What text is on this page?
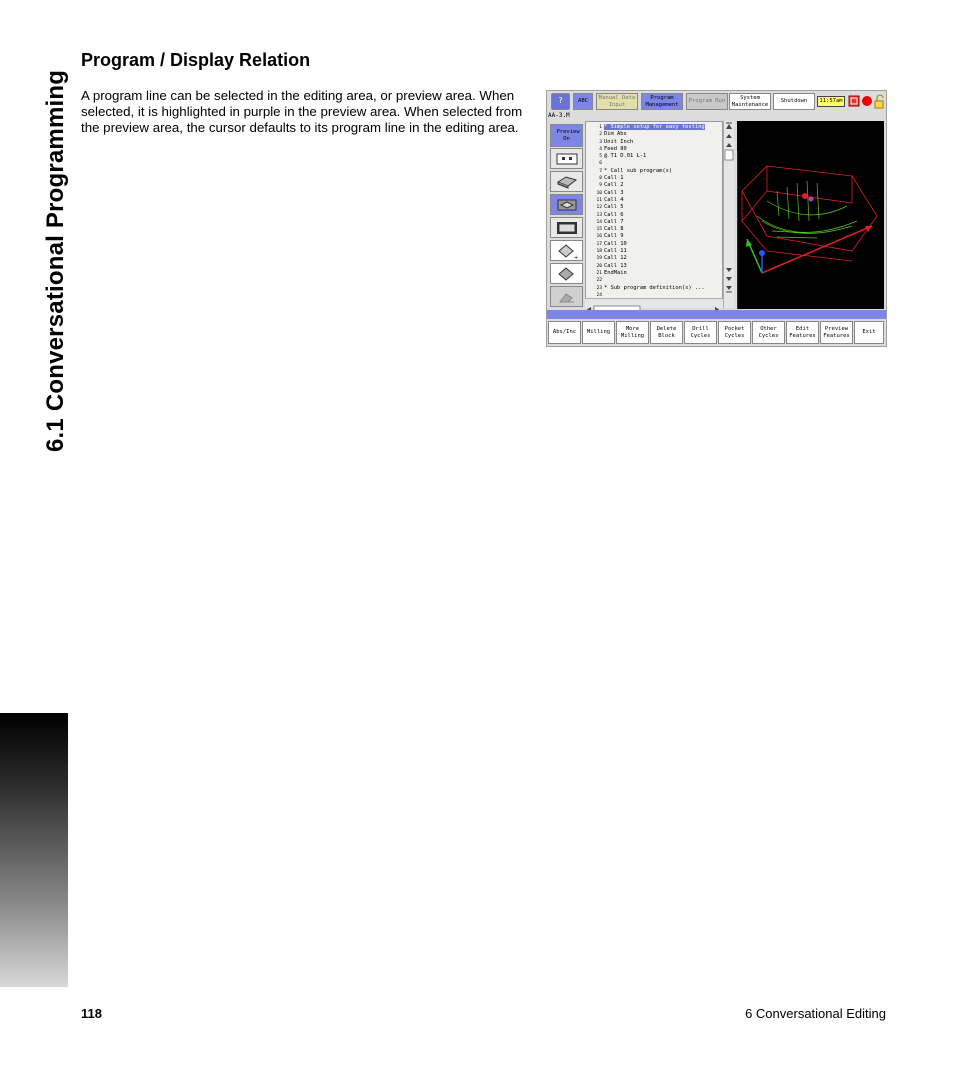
6.1 Conversational Programming
Program / Display Relation

A program line can be selected in the editing area, or preview area. When selected, it is highlighted in purple in the preview area. When selected from the preview area, the cursor defaults to its program line in the editing area.

?	ABC
Manual Data Input
Program Management
Program Run
System Maintenance
Shutdown	11:57am
AA-3.M
Preview On
+
1 * Simple setup for easy testing
2 Dim Abs
3 Unit Inch
4 Feed 80
5 @ T1 D.01 L-1
6
7 * Call sub program(s)
8 Call 1
9 Call 2
10 Call 3
11 Call 4
12 Call 5
13 Call 6
14 Call 7
15 Call 8
16 Call 9
17 Call 10
18 Call 11
19 Call 12
20 Call 13
21 EndMain
22
23 * Sub program definition(s) ...
24
Abs/Inc	Milling
More Milling
Delete Block
Drill Cycles
Pocket Cycles
Other Cycles
Edit Features
Preview Features
Exit
118	6 Conversational Editing
